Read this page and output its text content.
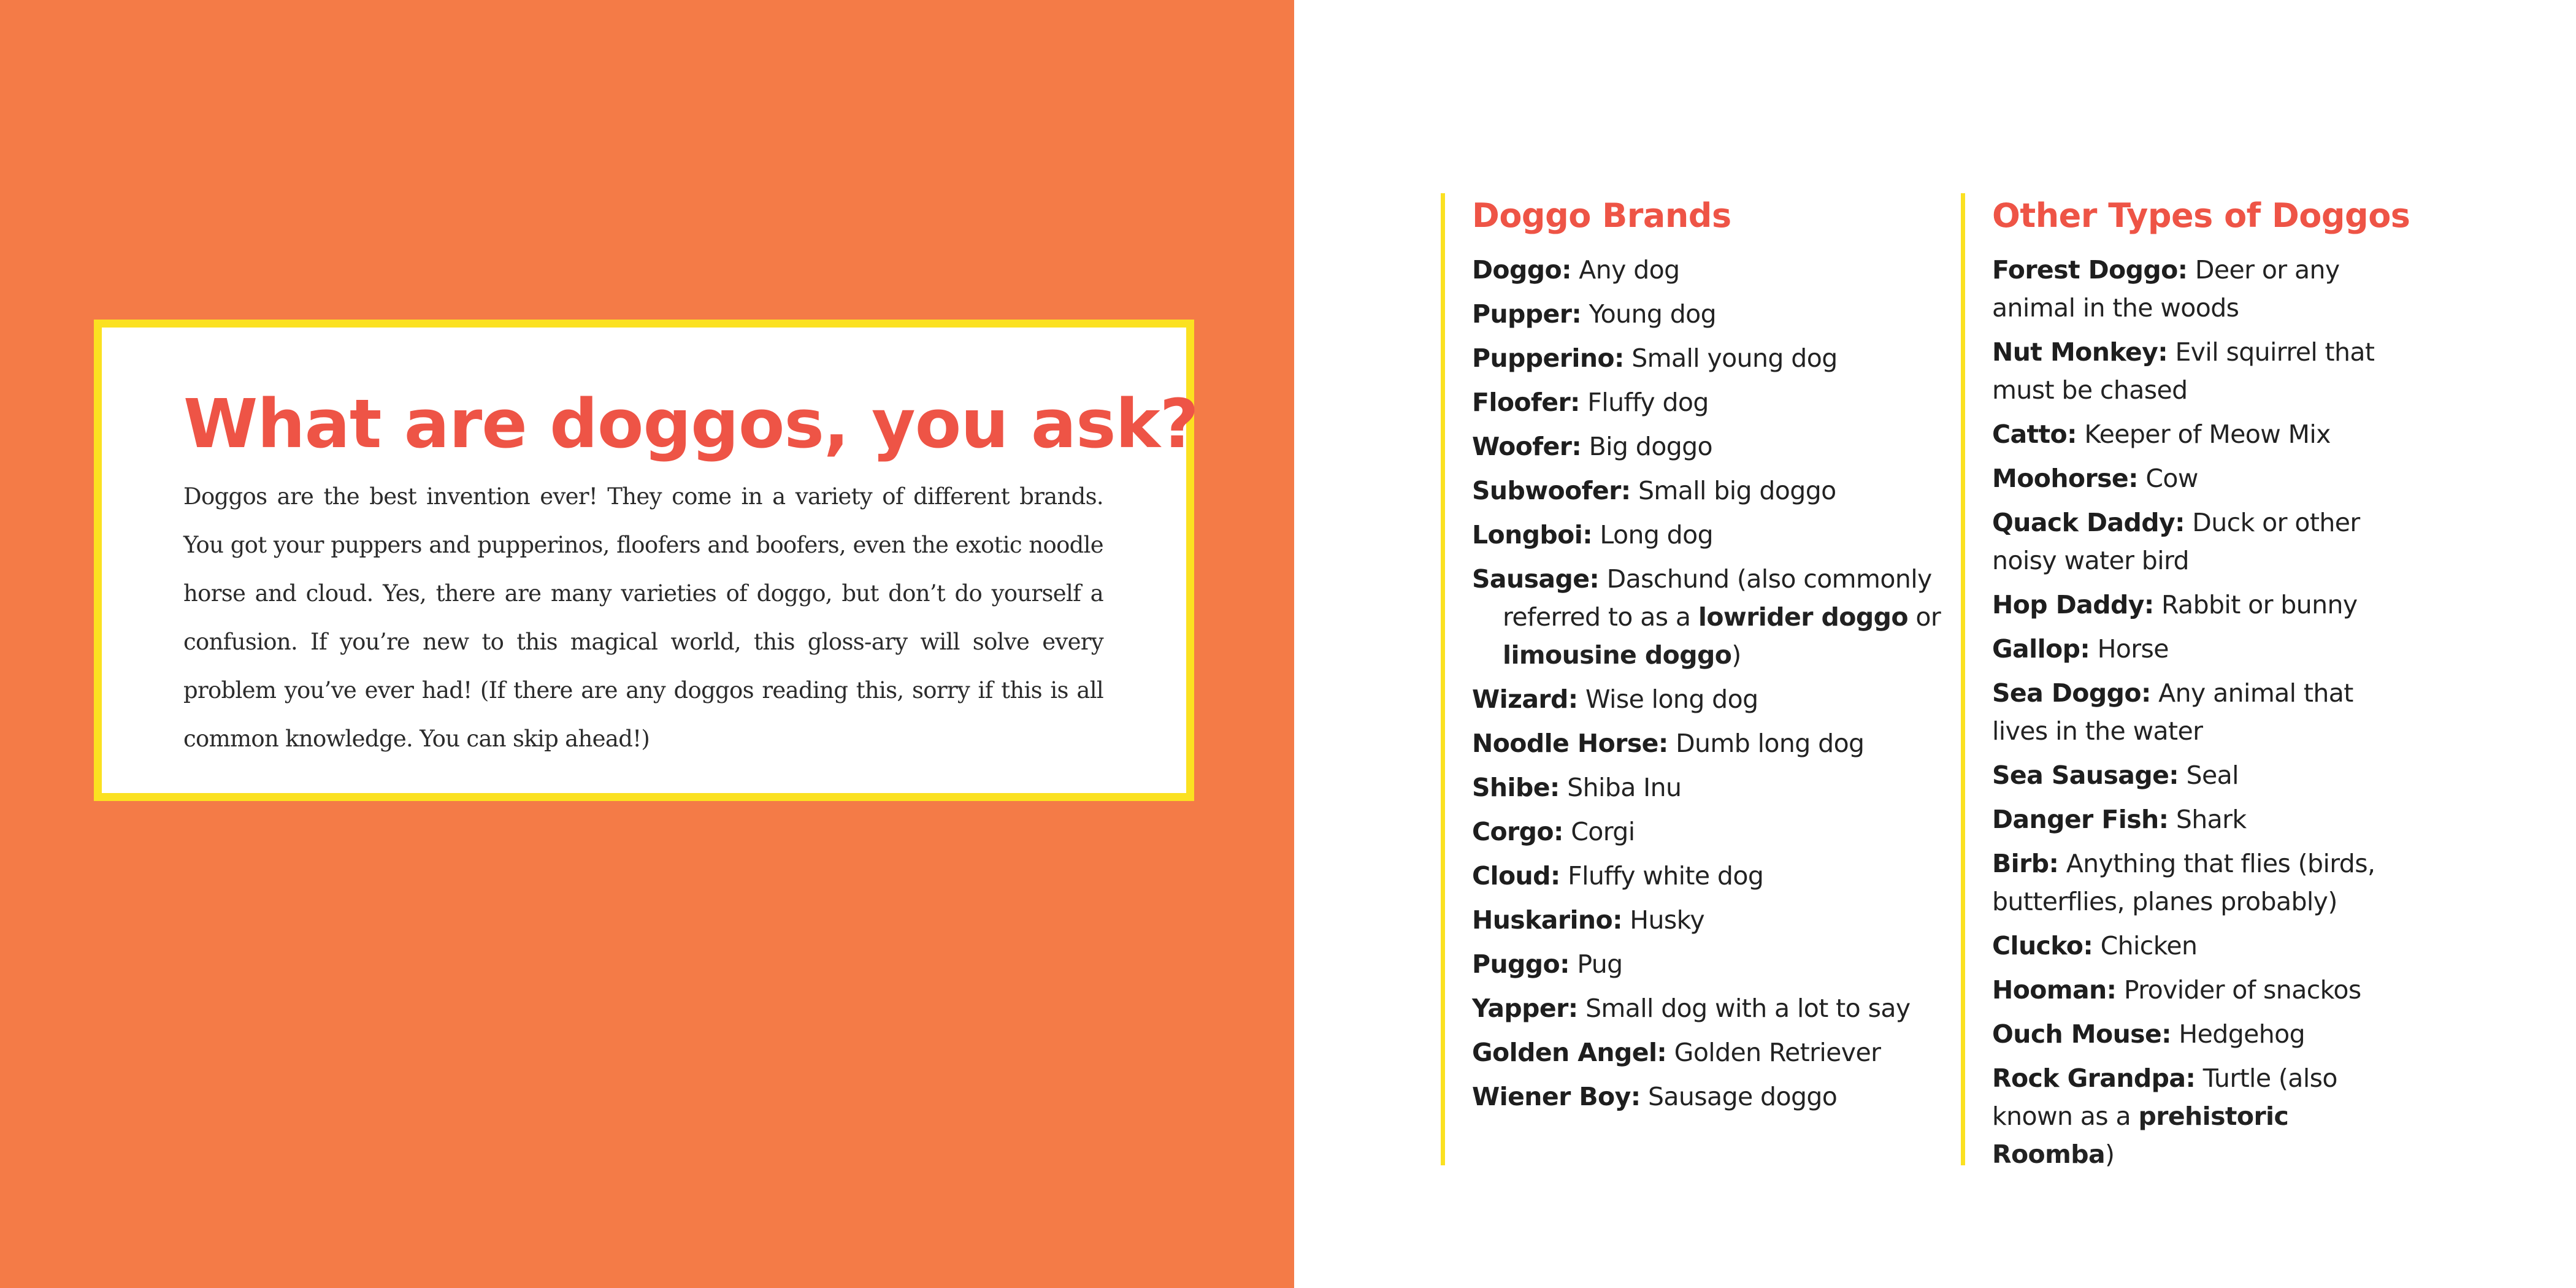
What are doggos, you ask?

Doggos are the best invention ever! They come in a variety of different brands. You got your puppers and pupperinos, floofers and boofers, even the exotic noodle horse and cloud. Yes, there are many varieties of doggo, but don’t do yourself a confusion. If you’re new to this magical world, this gloss-ary will solve every problem you’ve ever had! (If there are any doggos reading this, sorry if this is all common knowledge. You can skip ahead!)

Doggo Brands
Doggo: Any dog
Pupper: Young dog
Pupperino: Small young dog
Floofer: Fluffy dog
Woofer: Big doggo
Subwoofer: Small big doggo
Longboi: Long dog
Sausage: Daschund (also commonly referred to as a lowrider doggo or limousine doggo)
Wizard: Wise long dog
Noodle Horse: Dumb long dog
Shibe: Shiba Inu
Corgo: Corgi
Cloud: Fluffy white dog
Huskarino: Husky
Puggo: Pug
Yapper: Small dog with a lot to say
Golden Angel: Golden Retriever
Wiener Boy: Sausage doggo
Other Types of Doggos
Forest Doggo: Deer or any animal in the woods
Nut Monkey: Evil squirrel that must be chased
Catto: Keeper of Meow Mix
Moohorse: Cow
Quack Daddy: Duck or other noisy water bird
Hop Daddy: Rabbit or bunny
Gallop: Horse
Sea Doggo: Any animal that lives in the water
Sea Sausage: Seal
Danger Fish: Shark
Birb: Anything that flies (birds, butterflies, planes probably)
Clucko: Chicken
Hooman: Provider of snackos
Ouch Mouse: Hedgehog
Rock Grandpa: Turtle (also known as a prehistoric Roomba)
